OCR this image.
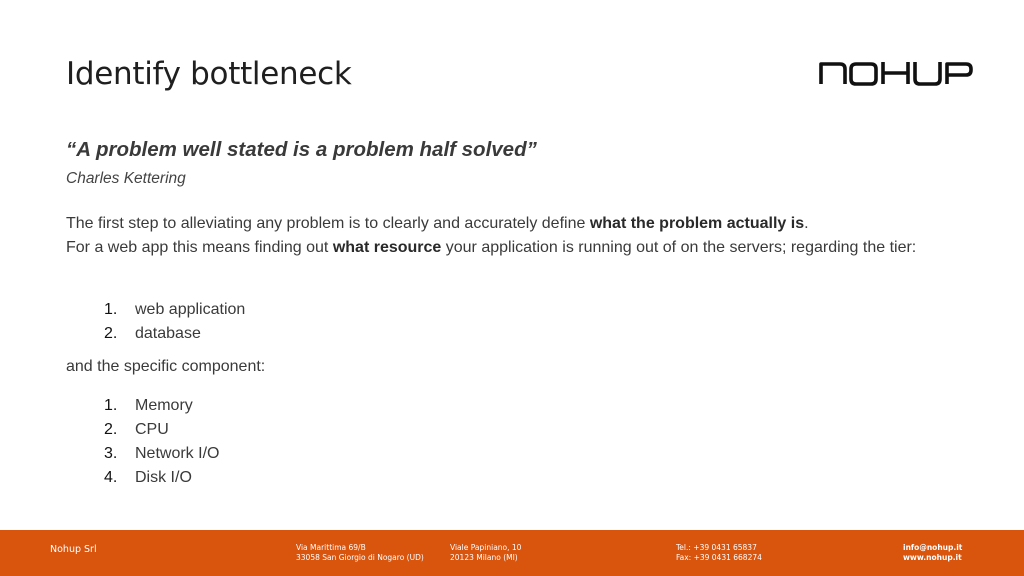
Identify bottleneck
“A problem well stated is a problem half solved”
Charles Kettering
The first step to alleviating any problem is to clearly and accurately define what the problem actually is.
For a web app this means finding out what resource your application is running out of on the servers; regarding the tier:
1. web application
2. database
and the specific component:
1. Memory
2. CPU
3. Network I/O
4. Disk I/O
Nohup Srl	Via Marittima 69/B
33058 San Giorgio di Nogaro (UD)
Viale Papiniano, 10
20123 Milano (MI)
Tel.: +39 0431 65837
Fax: +39 0431 668274
info@nohup.it
www.nohup.it
